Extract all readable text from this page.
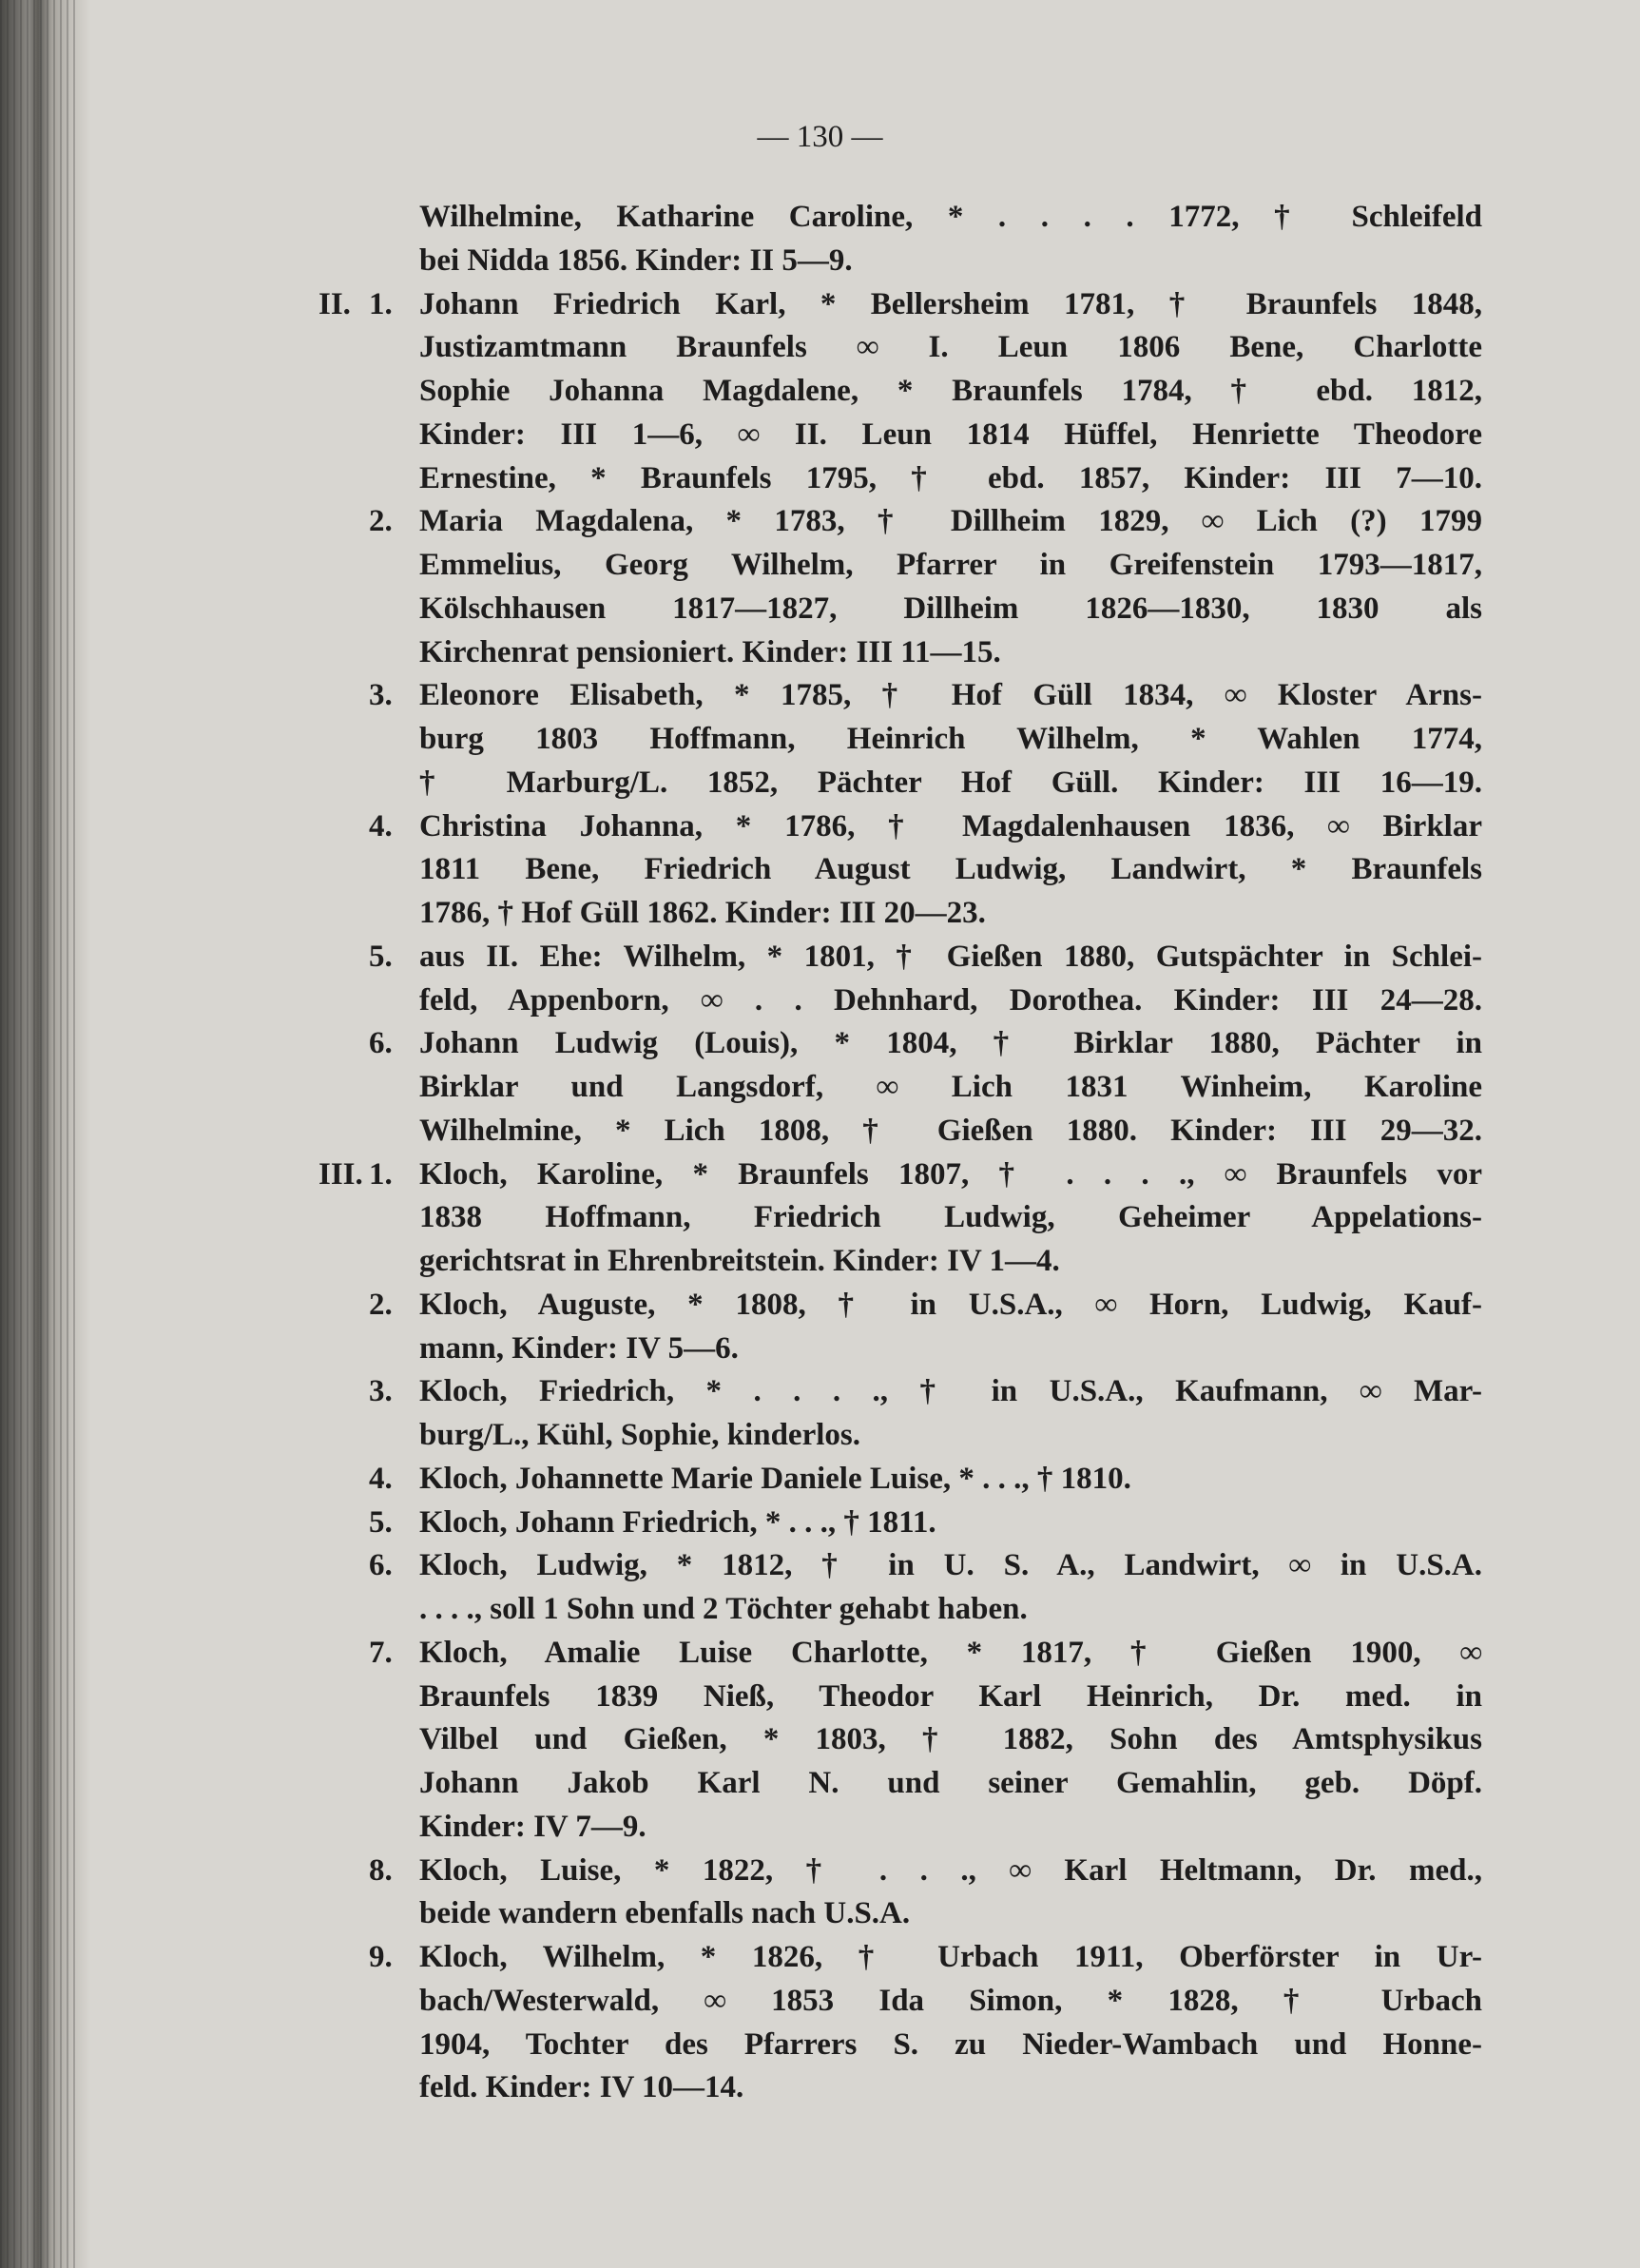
— 130 —
Wilhelmine, Katharine Caroline, * . . . . 1772, † Schleifeld
bei Nidda 1856. Kinder: II 5—9.
II. 1. Johann Friedrich Karl, * Bellersheim 1781, † Braunfels 1848,
Justizamtmann Braunfels ∞ I. Leun 1806 Bene, Charlotte
Sophie Johanna Magdalene, * Braunfels 1784, † ebd. 1812,
Kinder: III 1—6, ∞ II. Leun 1814 Hüffel, Henriette Theodore
Ernestine, * Braunfels 1795, † ebd. 1857, Kinder: III 7—10.
2. Maria Magdalena, * 1783, † Dillheim 1829, ∞ Lich (?) 1799
Emmelius, Georg Wilhelm, Pfarrer in Greifenstein 1793—1817,
Kölschhausen 1817—1827, Dillheim 1826—1830, 1830 als
Kirchenrat pensioniert. Kinder: III 11—15.
3. Eleonore Elisabeth, * 1785, † Hof Güll 1834, ∞ Kloster Arns-
burg 1803 Hoffmann, Heinrich Wilhelm, * Wahlen 1774,
† Marburg/L. 1852, Pächter Hof Güll. Kinder: III 16—19.
4. Christina Johanna, * 1786, † Magdalenhausen 1836, ∞ Birklar
1811 Bene, Friedrich August Ludwig, Landwirt, * Braunfels
1786, † Hof Güll 1862. Kinder: III 20—23.
5. aus II. Ehe: Wilhelm, * 1801, † Gießen 1880, Gutspächter in Schlei-
feld, Appenborn, ∞ . . Dehnhard, Dorothea. Kinder: III 24—28.
6. Johann Ludwig (Louis), * 1804, † Birklar 1880, Pächter in
Birklar und Langsdorf, ∞ Lich 1831 Winheim, Karoline
Wilhelmine, * Lich 1808, † Gießen 1880. Kinder: III 29—32.
III. 1. Kloch, Karoline, * Braunfels 1807, † . . . ., ∞ Braunfels vor
1838 Hoffmann, Friedrich Ludwig, Geheimer Appelations-
gerichtsrat in Ehrenbreitstein. Kinder: IV 1—4.
2. Kloch, Auguste, * 1808, † in U.S.A., ∞ Horn, Ludwig, Kauf-
mann, Kinder: IV 5—6.
3. Kloch, Friedrich, * . . . ., † in U.S.A., Kaufmann, ∞ Mar-
burg/L., Kühl, Sophie, kinderlos.
4. Kloch, Johannette Marie Daniele Luise, * . . ., † 1810.
5. Kloch, Johann Friedrich, * . . ., † 1811.
6. Kloch, Ludwig, * 1812, † in U. S. A., Landwirt, ∞ in U.S.A.
. . . ., soll 1 Sohn und 2 Töchter gehabt haben.
7. Kloch, Amalie Luise Charlotte, * 1817, † Gießen 1900, ∞
Braunfels 1839 Nieß, Theodor Karl Heinrich, Dr. med. in
Vilbel und Gießen, * 1803, † 1882, Sohn des Amtsphysikus
Johann Jakob Karl N. und seiner Gemahlin, geb. Döpf.
Kinder: IV 7—9.
8. Kloch, Luise, * 1822, † . . ., ∞ Karl Heltmann, Dr. med.,
beide wandern ebenfalls nach U.S.A.
9. Kloch, Wilhelm, * 1826, † Urbach 1911, Oberförster in Ur-
bach/Westerwald, ∞ 1853 Ida Simon, * 1828, † Urbach
1904, Tochter des Pfarrers S. zu Nieder-Wambach und Honne-
feld. Kinder: IV 10—14.
